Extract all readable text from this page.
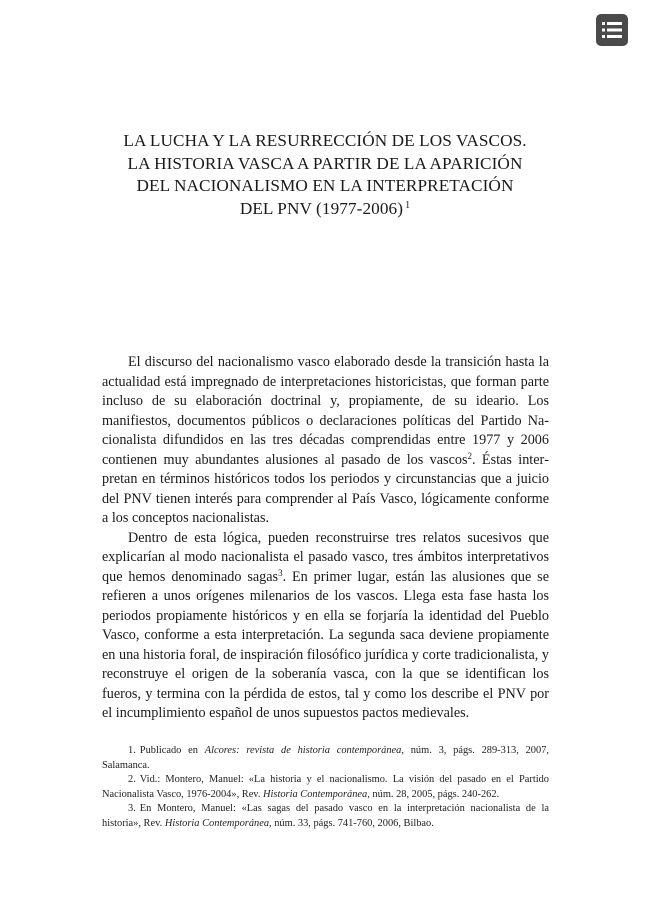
LA LUCHA Y LA RESURRECCIÓN DE LOS VASCOS.
LA HISTORIA VASCA A PARTIR DE LA APARICIÓN
DEL NACIONALISMO EN LA INTERPRETACIÓN
DEL PNV (1977-2006) $^1$

El discurso del nacionalismo vasco elaborado desde la transición hasta la actualidad está impregnado de interpretaciones historicistas, que forman parte incluso de su elaboración doctrinal y, propiamente, de su ideario. Los manifiestos, documentos públicos o declaraciones políticas del Partido Nacionalista difundidos en las tres décadas comprendidas entre 1977 y 2006 contienen muy abundantes alusiones al pasado de los vascos$^2$. Éstas interpretan en términos históricos todos los periodos y circunstancias que a juicio del PNV tienen interés para comprender al País Vasco, lógicamente conforme a los conceptos nacionalistas.

Dentro de esta lógica, pueden reconstruirse tres relatos sucesivos que explicarían al modo nacionalista el pasado vasco, tres ámbitos interpretativos que hemos denominado sagas$^3$. En primer lugar, están las alusiones que se refieren a unos orígenes milenarios de los vascos. Llega esta fase hasta los periodos propiamente históricos y en ella se forjaría la identidad del Pueblo Vasco, conforme a esta interpretación. La segunda saca deviene propiamente en una historia foral, de inspiración filosófico jurídica y corte tradicionalista, y reconstruye el origen de la soberanía vasca, con la que se identifican los fueros, y termina con la pérdida de estos, tal y como los describe el PNV por el incumplimiento español de unos supuestos pactos medievales.

1. Publicado en Alcores: revista de historia contemporánea, núm. 3, págs. 289-313, 2007, Salamanca.

2. Vid.: Montero, Manuel: «La historia y el nacionalismo. La visión del pasado en el Partido Nacionalista Vasco, 1976-2004», Rev. Historia Contemporánea, núm. 28, 2005, págs. 240-262.

3. En Montero, Manuel: «Las sagas del pasado vasco en la interpretación nacionalista de la historia», Rev. Historia Contemporánea, núm. 33, págs. 741-760, 2006, Bilbao.
